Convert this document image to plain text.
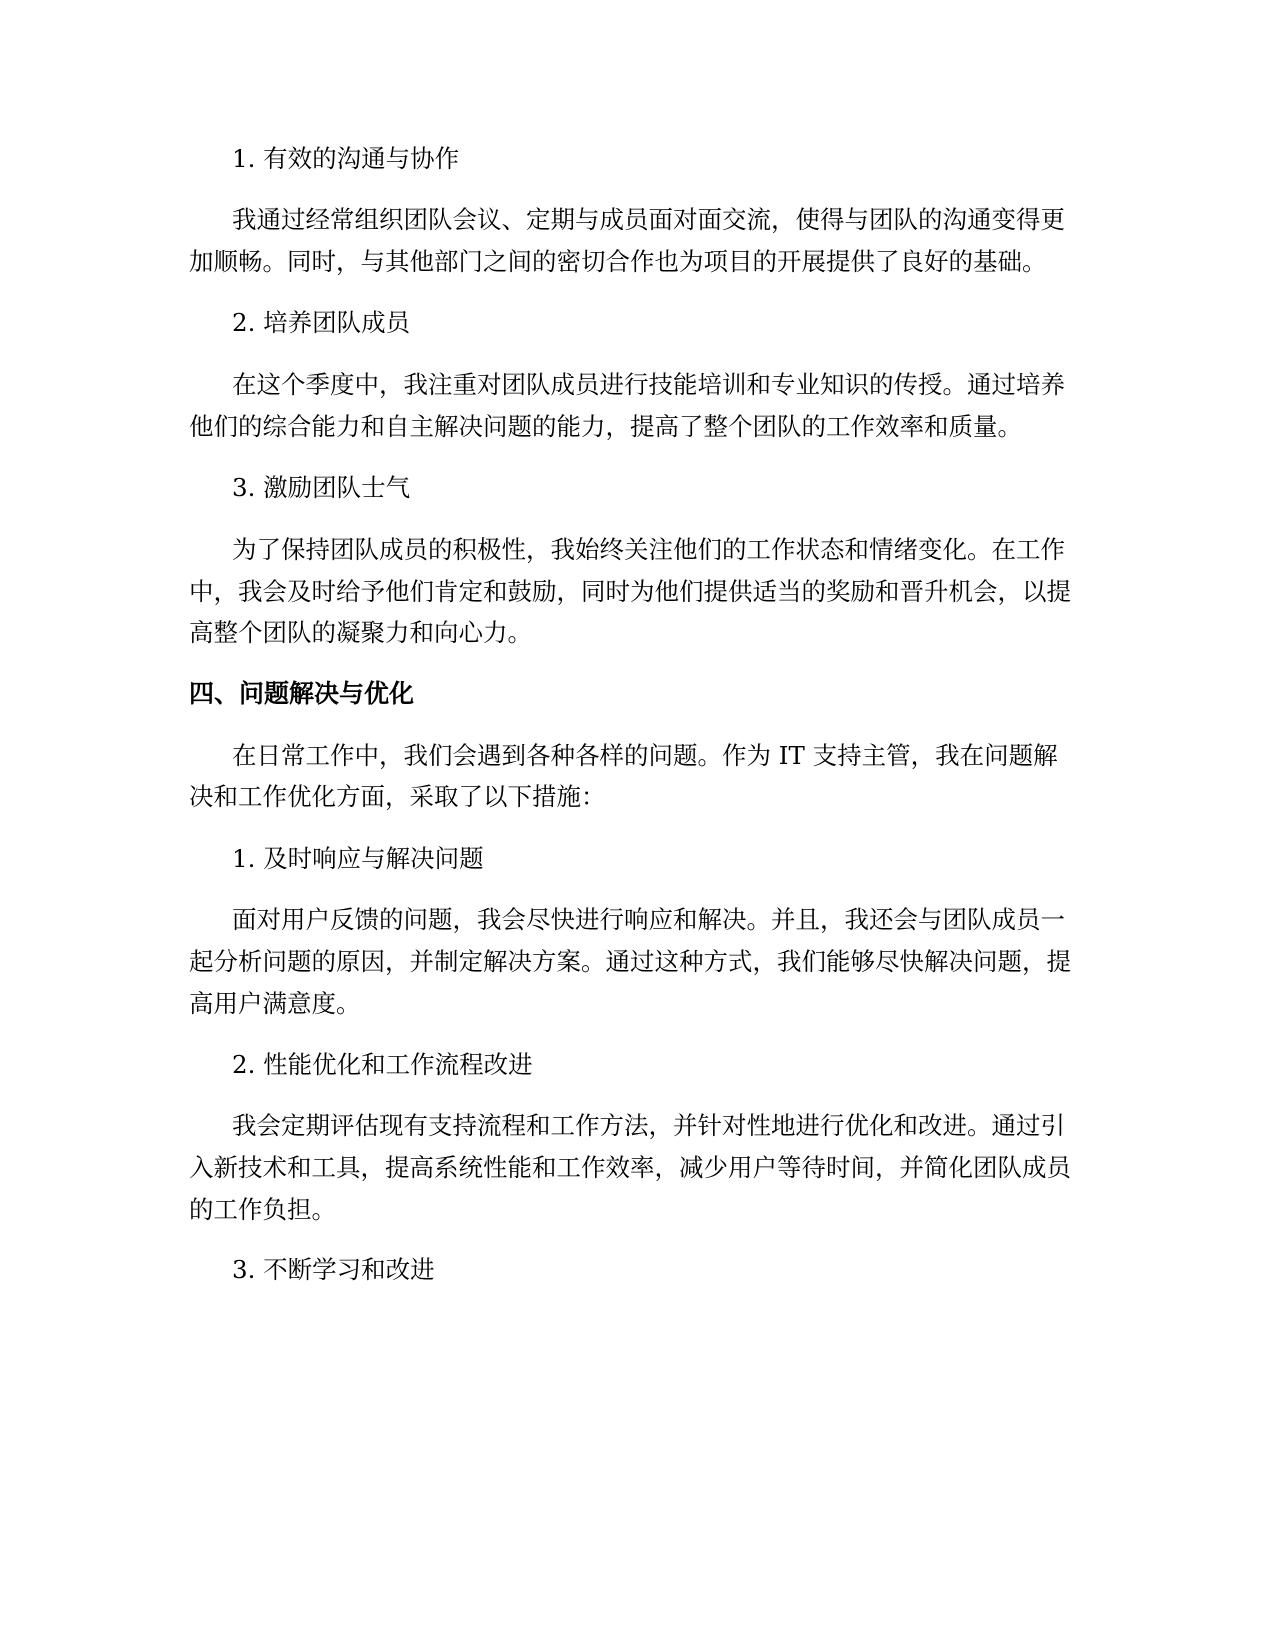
1. 有效的沟通与协作
我通过经常组织团队会议、定期与成员面对面交流，使得与团队的沟通变得更
加顺畅。同时，与其他部门之间的密切合作也为项目的开展提供了良好的基础。
2. 培养团队成员
在这个季度中，我注重对团队成员进行技能培训和专业知识的传授。通过培养
他们的综合能力和自主解决问题的能力，提高了整个团队的工作效率和质量。
3. 激励团队士气
为了保持团队成员的积极性，我始终关注他们的工作状态和情绪变化。在工作
中，我会及时给予他们肯定和鼓励，同时为他们提供适当的奖励和晋升机会，以提
高整个团队的凝聚力和向心力。
四、问题解决与优化
在日常工作中，我们会遇到各种各样的问题。作为 IT 支持主管，我在问题解
决和工作优化方面，采取了以下措施：
1. 及时响应与解决问题
面对用户反馈的问题，我会尽快进行响应和解决。并且，我还会与团队成员一
起分析问题的原因，并制定解决方案。通过这种方式，我们能够尽快解决问题，提
高用户满意度。
2. 性能优化和工作流程改进
我会定期评估现有支持流程和工作方法，并针对性地进行优化和改进。通过引
入新技术和工具，提高系统性能和工作效率，减少用户等待时间，并简化团队成员
的工作负担。
3. 不断学习和改进
